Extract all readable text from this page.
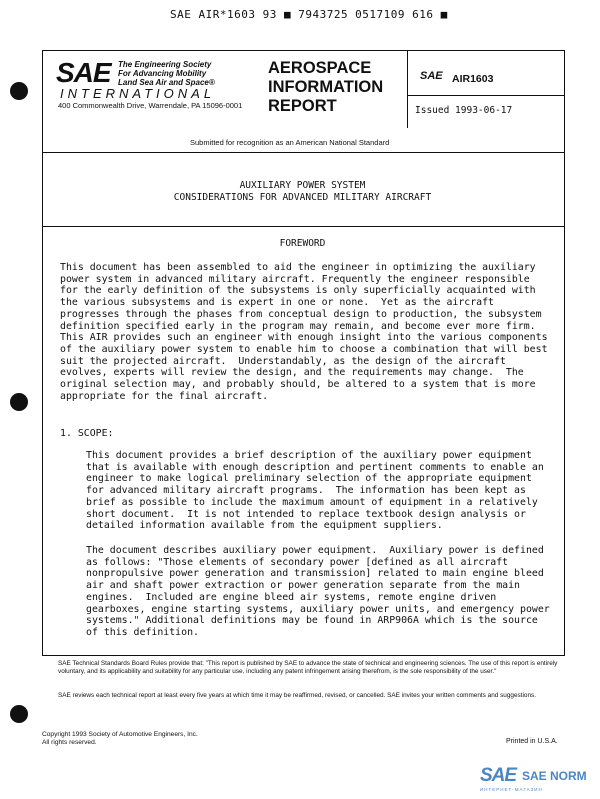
SAE AIR*1603 93 ■ 7943725 0517109 616 ■
SAE The Engineering Society
For Advancing Mobility
Land Sea Air and Space®
INTERNATIONAL
400 Commonwealth Drive, Warrendale, PA 15096-0001
AEROSPACE
INFORMATION
REPORT
SAE AIR1603
Issued 1993-06-17
Submitted for recognition as an American National Standard
AUXILIARY POWER SYSTEM
CONSIDERATIONS FOR ADVANCED MILITARY AIRCRAFT
FOREWORD
This document has been assembled to aid the engineer in optimizing the auxiliary
power system in advanced military aircraft. Frequently the engineer responsible
for the early definition of the subsystems is only superficially acquainted with
the various subsystems and is expert in one or none.  Yet as the aircraft
progresses through the phases from conceptual design to production, the subsystem
definition specified early in the program may remain, and become ever more firm.
This AIR provides such an engineer with enough insight into the various components
of the auxiliary power system to enable him to choose a combination that will best
suit the projected aircraft.  Understandably, as the design of the aircraft
evolves, experts will review the design, and the requirements may change.  The
original selection may, and probably should, be altered to a system that is more
appropriate for the final aircraft.
1. SCOPE:
This document provides a brief description of the auxiliary power equipment
that is available with enough description and pertinent comments to enable an
engineer to make logical preliminary selection of the appropriate equipment
for advanced military aircraft programs.  The information has been kept as
brief as possible to include the maximum amount of equipment in a relatively
short document.  It is not intended to replace textbook design analysis or
detailed information available from the equipment suppliers.
The document describes auxiliary power equipment.  Auxiliary power is defined
as follows: "Those elements of secondary power [defined as all aircraft
nonpropulsive power generation and transmission] related to main engine bleed
air and shaft power extraction or power generation separate from the main
engines.  Included are engine bleed air systems, remote engine driven
gearboxes, engine starting systems, auxiliary power units, and emergency power
systems." Additional definitions may be found in ARP906A which is the source
of this definition.
SAE Technical Standards Board Rules provide that: "This report is published by SAE to advance the state of technical and engineering sciences. The use of this report is entirely voluntary, and its applicability and suitability for any particular use, including any patent infringement arising therefrom, is the sole responsibility of the user."
SAE reviews each technical report at least every five years at which time it may be reaffirmed, revised, or cancelled. SAE invites your written comments and suggestions.
Copyright 1993 Society of Automotive Engineers, Inc.
All rights reserved.	Printed in U.S.A.
SAE SAE NORM
ИНТЕРНЕТ-МАГАЗИН
